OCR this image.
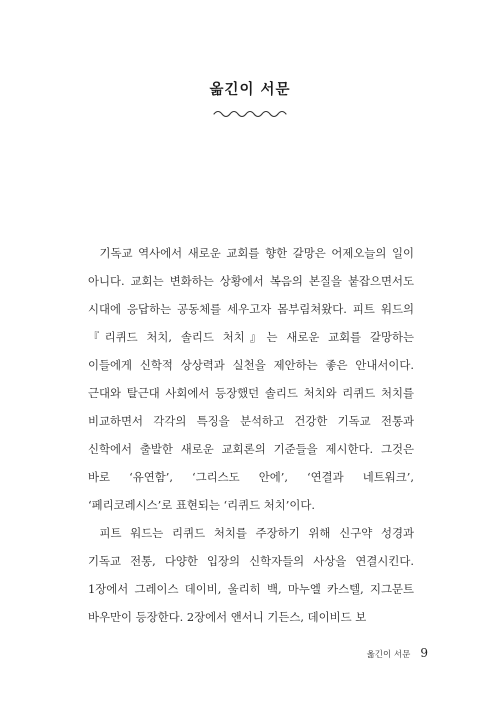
옮긴이 서문

기독교 역사에서 새로운 교회를 향한 갈망은 어제오늘의 일이 아니다. 교회는 변화하는 상황에서 복음의 본질을 붙잡으면서도 시대에 응답하는 공동체를 세우고자 몸부림쳐왔다. 피트 워드의 『리퀴드 처치, 솔리드 처치』는 새로운 교회를 갈망하는 이들에게 신학적 상상력과 실천을 제안하는 좋은 안내서이다. 근대와 탈근대 사회에서 등장했던 솔리드 처치와 리퀴드 처치를 비교하면서 각각의 특징을 분석하고 건강한 기독교 전통과 신학에서 출발한 새로운 교회론의 기준들을 제시한다. 그것은 바로 ‘유연함’, ‘그리스도 안에’, ‘연결과 네트워크’, ‘페리코레시스’로 표현되는 ‘리퀴드 처치’이다.

피트 워드는 리퀴드 처치를 주장하기 위해 신구약 성경과 기독교 전통, 다양한 입장의 신학자들의 사상을 연결시킨다. 1장에서 그레이스 데이비, 울리히 백, 마누엘 카스텔, 지그문트 바우만이 등장한다. 2장에서 앤서니 기든스, 데이비드 보

옮긴이 서문 9
